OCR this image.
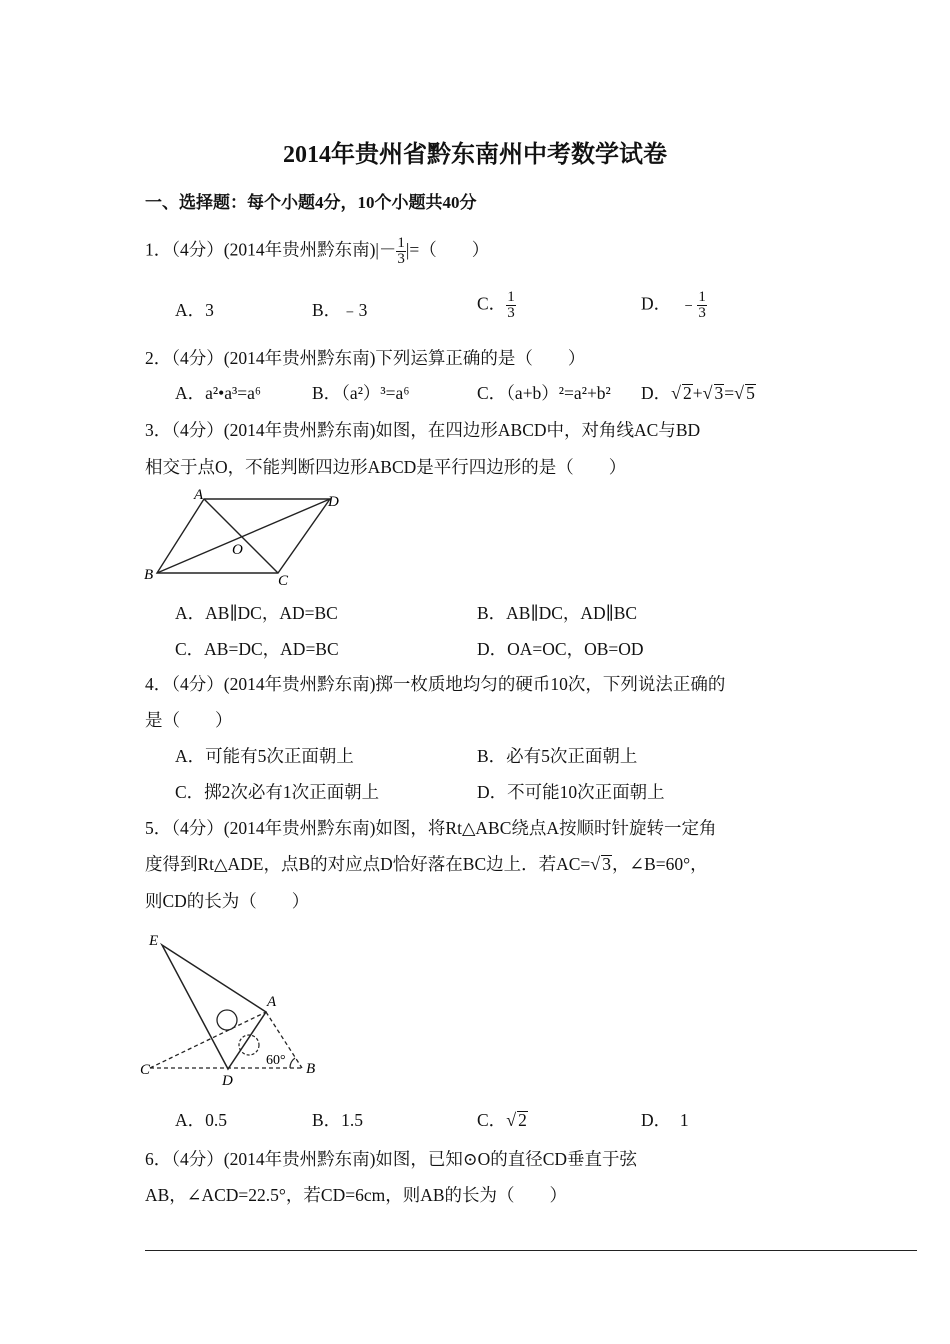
2014年贵州省黔东南州中考数学试卷
一、选择题：每个小题4分，10个小题共40分
1．（4分）(2014年贵州黔东南)|－ $\frac{1}{3}$ |=（　　）
A．3	B．﹣3	C． $\frac{1}{3}$	D．　﹣ $\frac{1}{3}$
2．（4分）(2014年贵州黔东南)下列运算正确的是（　　）
A．a²•a³=a⁶	B．（a²）³=a⁶	C．（a+b）²=a²+b² D．√ 2+√ 3=√ 5
3．（4分）(2014年贵州黔东南)如图，在四边形ABCD中，对角线AC与BD
相交于点O，不能判断四边形ABCD是平行四边形的是（　　）
A	D
B	C
O
A．AB∥DC，AD=BC	B．AB∥DC，AD∥BC
C．AB=DC，AD=BC	D．OA=OC，OB=OD
4．（4分）(2014年贵州黔东南)掷一枚质地均匀的硬币10次，下列说法正确的
是（　　）
A．可能有5次正面朝上	B．必有5次正面朝上
C．掷2次必有1次正面朝上	D．不可能10次正面朝上
5．（4分）(2014年贵州黔东南)如图，将Rt△ABC绕点A按顺时针旋转一定角
度得到Rt△ADE，点B的对应点D恰好落在BC边上．若AC=√ 3，∠B=60°，
则CD的长为（　　）
E
A
C
D
B
60°
A．0.5	B．1.5	C．√ 2	D．　1
6．（4分）(2014年贵州黔东南)如图，已知⊙O的直径CD垂直于弦
AB，∠ACD=22.5°，若CD=6cm，则AB的长为（　　）
